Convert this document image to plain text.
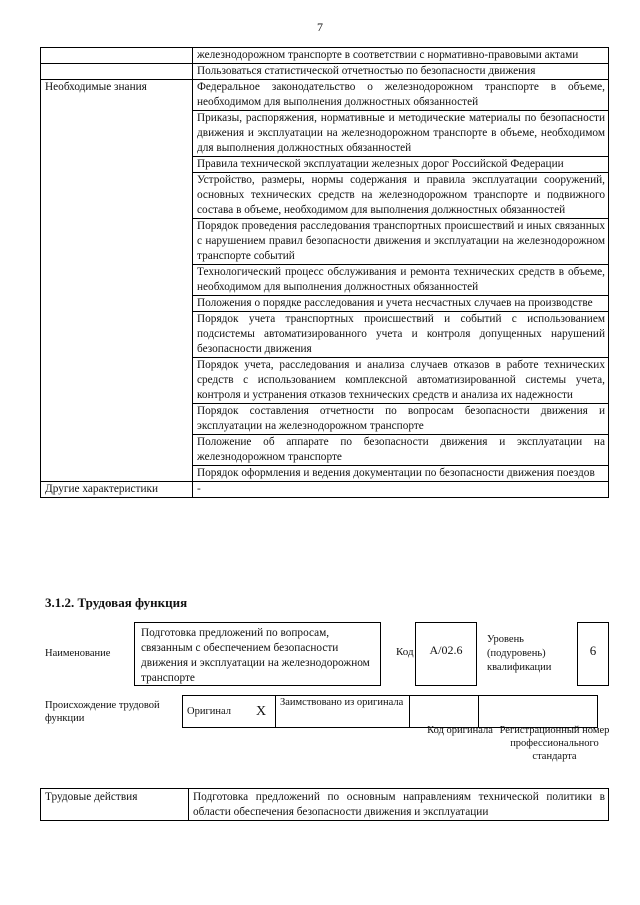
7
	железнодорожном транспорте в соответствии с нормативно-правовыми актами
	Пользоваться статистической отчетностью по безопасности движения
Необходимые знания	Федеральное законодательство о железнодорожном транспорте в объеме, необходимом для выполнения должностных обязанностей
	Приказы, распоряжения, нормативные и методические материалы по безопасности движения и эксплуатации на железнодорожном транспорте в объеме, необходимом для выполнения должностных обязанностей
	Правила технической эксплуатации железных дорог Российской Федерации
	Устройство, размеры, нормы содержания и правила эксплуатации сооружений, основных технических средств на железнодорожном транспорте и подвижного состава в объеме, необходимом для выполнения должностных обязанностей
	Порядок проведения расследования транспортных происшествий и иных связанных с нарушением правил безопасности движения и эксплуатации на железнодорожном транспорте событий
	Технологический процесс обслуживания и ремонта технических средств в объеме, необходимом для выполнения должностных обязанностей
	Положения о порядке расследования и учета несчастных случаев на производстве
	Порядок учета транспортных происшествий и событий с использованием подсистемы автоматизированного учета и контроля допущенных нарушений безопасности движения
	Порядок учета, расследования и анализа случаев отказов в работе технических средств с использованием комплексной автоматизированной системы учета, контроля и устранения отказов технических средств и анализа их надежности
	Порядок составления отчетности по вопросам безопасности движения и эксплуатации на железнодорожном транспорте
	Положение об аппарате по безопасности движения и эксплуатации на железнодорожном транспорте
	Порядок оформления и ведения документации по безопасности движения поездов
Другие характеристики	-
3.1.2. Трудовая функция
Наименование
Подготовка предложений по вопросам, связанным с обеспечением безопасности движения и эксплуатации на железнодорожном транспорте
Код	А/02.6
Уровень (подуровень) квалификации
6
Происхождение трудовой функции
Оригинал	X	Заимствовано из оригинала		
Код оригинала Регистрационный номер профессионального стандарта
Трудовые действия	Подготовка предложений по основным направлениям технической политики в области обеспечения безопасности движения и эксплуатации
